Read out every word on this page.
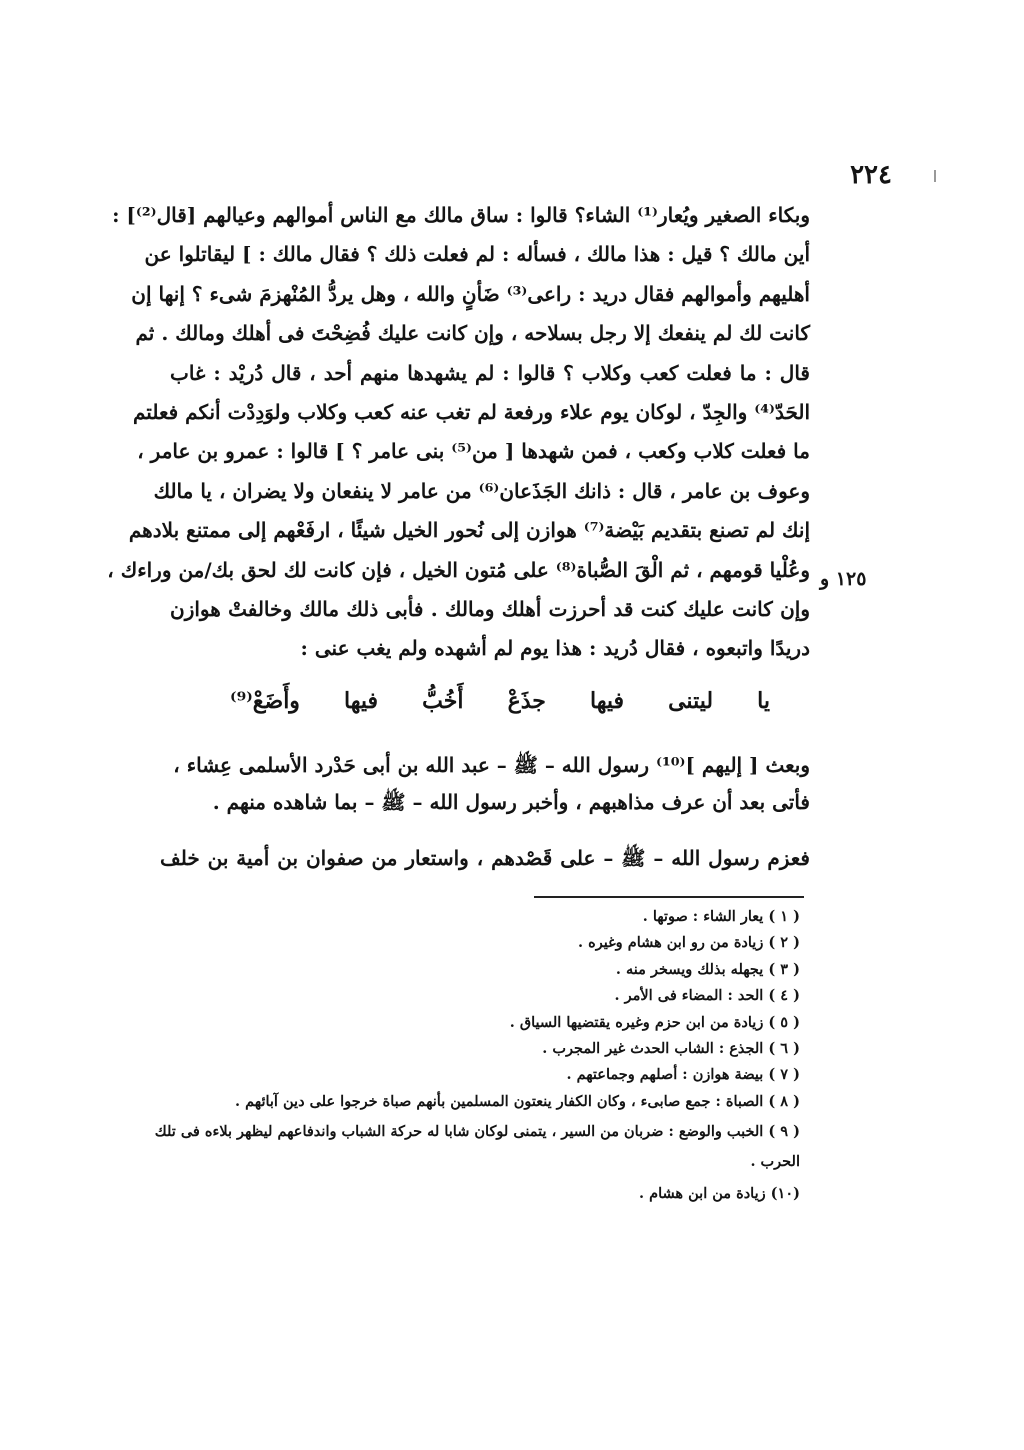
٢٢٤
١٢٥ و
وبكاء الصغير ويُعار⁽¹⁾ الشاء؟ قالوا : ساق مالك مع الناس أموالهم وعيالهم [قال⁽²⁾] :
أين مالك ؟ قيل : هذا مالك ، فسأله : لم فعلت ذلك ؟ فقال مالك : ] ليقاتلوا عن
أهليهم وأموالهم فقال دريد : راعى⁽³⁾ ضَأنٍ والله ، وهل يردُّ المُنْهزمَ شىء ؟ إنها إن
كانت لك لم ينفعك إلا رجل بسلاحه ، وإن كانت عليك فُضِحْتَ فى أهلك ومالك . ثم
قال : ما فعلت كعب وكلاب ؟ قالوا : لم يشهدها منهم أحد ، قال دُريْد : غاب
الحَدّ⁽⁴⁾ والجِدّ ، لوكان يوم علاء ورفعة لم تغب عنه كعب وكلاب ولوَدِدْت أنكم فعلتم
ما فعلت كلاب وكعب ، فمن شهدها [ من⁽⁵⁾ بنى عامر ؟ ] قالوا : عمرو بن عامر ،
وعوف بن عامر ، قال : ذانك الجَذَعان⁽⁶⁾ من عامر لا ينفعان ولا يضران ، يا مالك
إنك لم تصنع بتقديم بَيْضة⁽⁷⁾ هوازن إلى نُحور الخيل شيئًا ، ارفَعْهم إلى ممتنع بلادهم
وعُلْيا قومهم ، ثم الْقَ الصُّباة⁽⁸⁾ على مُتون الخيل ، فإن كانت لك لحق بك/من وراءك ،
وإن كانت عليك كنت قد أحرزت أهلك ومالك . فأبى ذلك مالك وخالفتْ هوازن
دريدًا واتبعوه ، فقال دُريد : هذا يوم لم أشهده ولم يغب عنى :
يا
ليتنى
فيها
جذَعْ
أَخُبُّ
فيها
وأَضَعْ⁽⁹⁾
وبعث [ إليهم ]⁽¹⁰⁾ رسول الله – ﷺ – عبد الله بن أبى حَدْرد الأسلمى عِشاء ،
فأتى بعد أن عرف مذاهبهم ، وأخبر رسول الله – ﷺ – بما شاهده منهم .
فعزم رسول الله – ﷺ – على قَصْدهم ، واستعار من صفوان بن أمية بن خلف
( ١ ) يعار الشاء : صوتها .
( ٢ ) زيادة من رو ابن هشام وغيره .
( ٣ ) يجهله بذلك ويسخر منه .
( ٤ ) الحد : المضاء فى الأمر .
( ٥ ) زيادة من ابن حزم وغيره يقتضيها السياق .
( ٦ ) الجذع : الشاب الحدث غير المجرب .
( ٧ ) بيضة هوازن : أصلهم وجماعتهم .
( ٨ ) الصباة : جمع صابىء ، وكان الكفار ينعتون المسلمين بأنهم صباة خرجوا على دين آبائهم .
( ٩ ) الخبب والوضع : ضربان من السير ، يتمنى لوكان شابا له حركة الشباب واندفاعهم ليظهر بلاءه فى تلك الحرب .
(١٠) زيادة من ابن هشام .
